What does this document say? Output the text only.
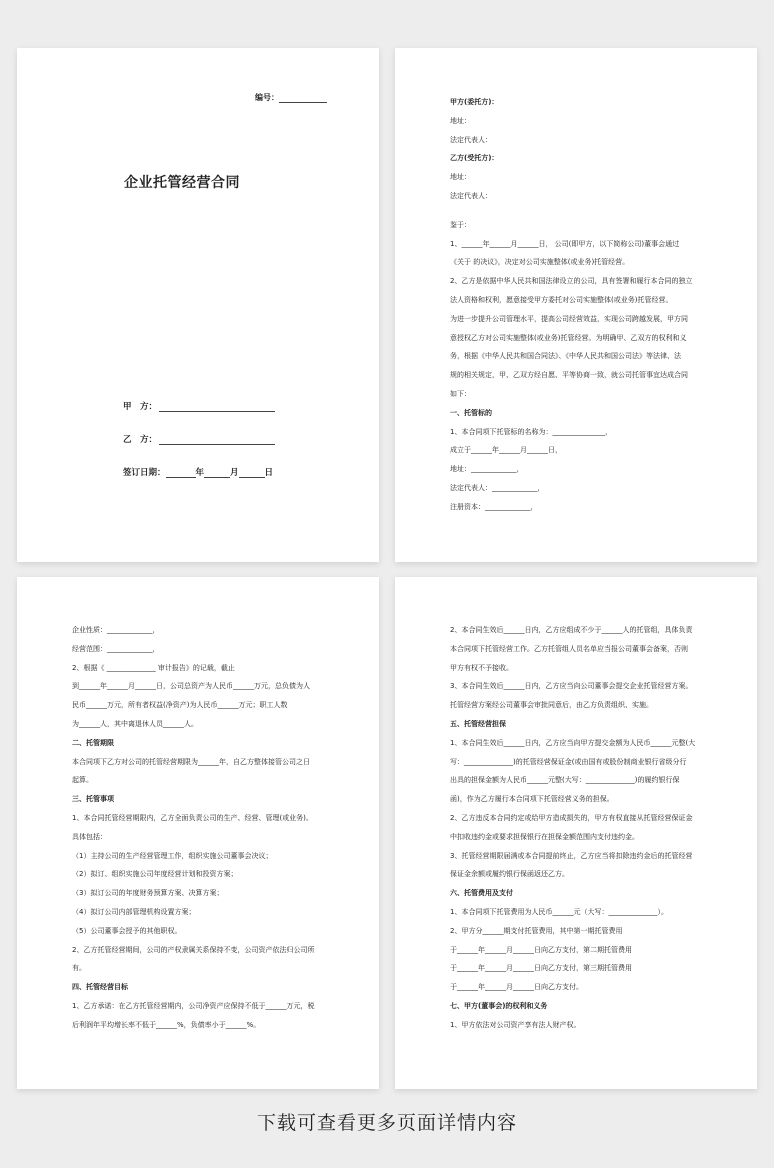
编号：
企业托管经营合同
甲　方：
乙　方：
签订日期：	年	月	日
甲方(委托方)：
地址：
法定代表人：
乙方(受托方)：
地址：
法定代表人：
鉴于：
1、______年______月______日， 公司(即甲方，以下简称公司)董事会通过
《关于 的决议》，决定对公司实施整体(或业务)托管经营。
2、乙方是依据中华人民共和国法律设立的公司，具有签署和履行本合同的独立
法人资格和权利，愿意接受甲方委托对公司实施整体(或业务)托管经营。
为进一步提升公司管理水平，提高公司经营效益，实现公司跨越发展，甲方同
意授权乙方对公司实施整体(或业务)托管经营。为明确甲、乙双方的权利和义
务，根据《中华人民共和国合同法》、《中华人民共和国公司法》等法律、法
规的相关规定，甲、乙双方经自愿、平等协商一致，就公司托管事宜达成合同
如下：
一、托管标的
1、本合同项下托管标的名称为：_______________，
成立于______年______月______日，
地址：_____________，
法定代表人：_____________，
注册资本：_____________，
企业性质：_____________，
经营范围：_____________，
2、根据《 ______________ 审计报告》的记载，截止
到______年______月______日，公司总资产为人民币______万元，总负债为人
民币______万元，所有者权益(净资产)为人民币______万元；职工人数
为______人，其中离退休人员______人。
二、托管期限
本合同项下乙方对公司的托管经营期限为______年，自乙方整体接管公司之日
起算。
三、托管事项
1、本合同托管经营期限内，乙方全面负责公司的生产、经营、管理(或业务)。
具体包括：
（1）主持公司的生产经营管理工作，组织实施公司董事会决议；
（2）拟订、组织实施公司年度经营计划和投资方案；
（3）拟订公司的年度财务预算方案、决算方案；
（4）拟订公司内部管理机构设置方案；
（5）公司董事会授予的其他职权。
2、乙方托管经营期间，公司的产权隶属关系保持不变，公司资产依法归公司所
有。
四、托管经营目标
1、乙方承诺：在乙方托管经营期内，公司净资产应保持不低于______万元，税
后利润年平均增长率不低于______%，负债率小于______%。
2、本合同生效后______日内，乙方应组成不少于______人的托管组，具体负责
本合同项下托管经营工作。乙方托管组人员名单应当报公司董事会备案，否则
甲方有权不予接收。
3、本合同生效后______日内，乙方应当向公司董事会提交企业托管经营方案。
托管经营方案经公司董事会审批同意后，由乙方负责组织、实施。
五、托管经营担保
1、本合同生效后______日内，乙方应当向甲方提交金额为人民币______元整(大
写：______________)的托管经营保证金(或由国有或股份制商业银行省级分行
出具的担保金额为人民币______元整(大写：______________)的履约银行保
函)，作为乙方履行本合同项下托管经营义务的担保。
2、乙方违反本合同约定或给甲方造成损失的，甲方有权直接从托管经营保证金
中扣收违约金或要求担保银行在担保金额范围内支付违约金。
3、托管经营期限届满或本合同提前终止，乙方应当将扣除违约金后的托管经营
保证金余额或履约银行保函返还乙方。
六、托管费用及支付
1、本合同项下托管费用为人民币______元（大写：______________）。
2、甲方分______期支付托管费用，其中第一期托管费用
于______年______月______日向乙方支付，第二期托管费用
于______年______月______日向乙方支付，第三期托管费用
于______年______月______日向乙方支付。
七、甲方(董事会)的权利和义务
1、甲方依法对公司资产享有法人财产权。
下载可查看更多页面详情内容
